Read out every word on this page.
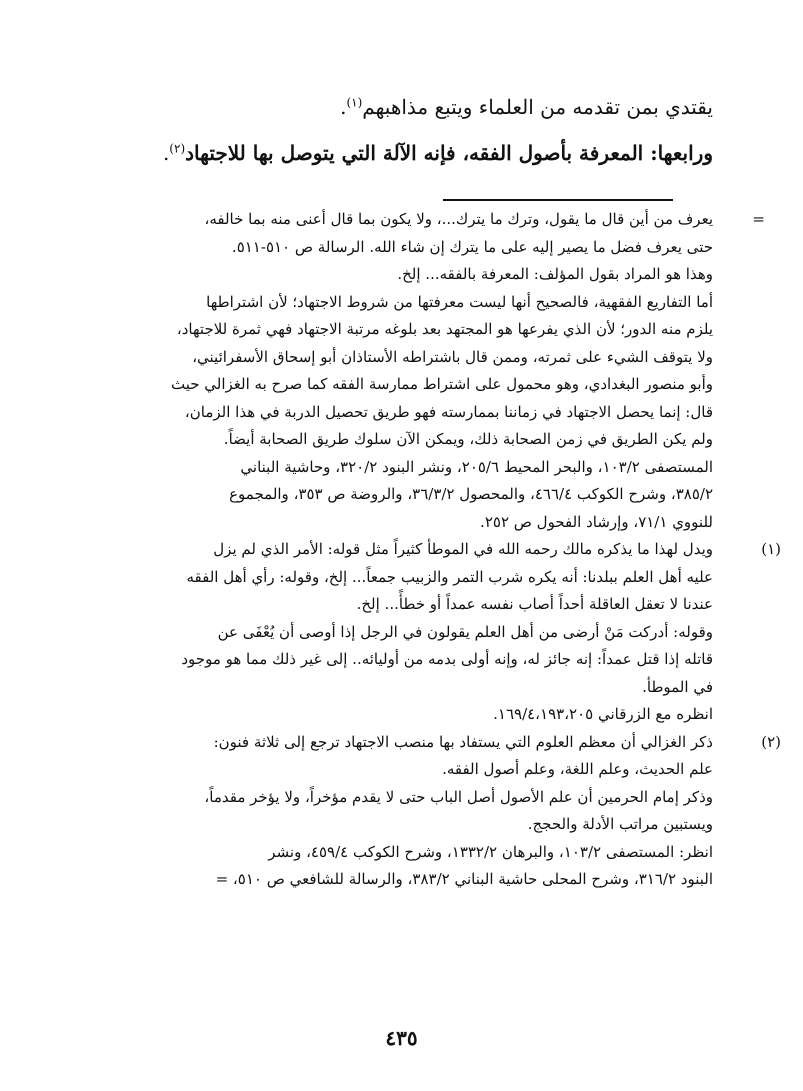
يقتدي بمن تقدمه من العلماء ويتبع مذاهبهم$^{(١)}$.
ورابعها: المعرفة بأصول الفقه، فإنه الآلة التي يتوصل بها للاجتهاد$^{(٢)}$.
=يعرف من أين قال ما يقول، وترك ما يترك...، ولا يكون بما قال أعنى منه بما خالفه،
حتى يعرف فضل ما يصير إليه على ما يترك إن شاء الله. الرسالة ص ٥١٠-٥١١.
وهذا هو المراد بقول المؤلف: المعرفة بالفقه... إلخ.
أما التفاريع الفقهية، فالصحيح أنها ليست معرفتها من شروط الاجتهاد؛ لأن اشتراطها
يلزم منه الدور؛ لأن الذي يفرعها هو المجتهد بعد بلوغه مرتبة الاجتهاد فهي ثمرة للاجتهاد،
ولا يتوقف الشيء على ثمرته، وممن قال باشتراطه الأستاذان أبو إسحاق الأسفرائيني،
وأبو منصور البغدادي، وهو محمول على اشتراط ممارسة الفقه كما صرح به الغزالي حيث
قال: إنما يحصل الاجتهاد في زماننا بممارسته فهو طريق تحصيل الدربة في هذا الزمان،
ولم يكن الطريق في زمن الصحابة ذلك، ويمكن الآن سلوك طريق الصحابة أيضاً.
المستصفى ١٠٣/٢، والبحر المحيط ٢٠٥/٦، ونشر البنود ٣٢٠/٢، وحاشية البناني
٣٨٥/٢، وشرح الكوكب ٤٦٦/٤، والمحصول ٣٦/٣/٢، والروضة ص ٣٥٣، والمجموع
للنووي ٧١/١، وإرشاد الفحول ص ٢٥٢.
(١)ويدل لهذا ما يذكره مالك رحمه الله في الموطأ كثيراً مثل قوله: الأمر الذي لم يزل
عليه أهل العلم ببلدنا: أنه يكره شرب التمر والزبيب جمعاً... إلخ، وقوله: رأي أهل الفقه
عندنا لا تعقل العاقلة أحداً أصاب نفسه عمداً أو خطأً... إلخ.
وقوله: أدركت مَنْ أرضى من أهل العلم يقولون في الرجل إذا أوصى أن يُعْفَى عن
قاتله إذا قتل عمداً: إنه جائز له، وإنه أولى بدمه من أوليائه.. إلى غير ذلك مما هو موجود
في الموطأ.
انظره مع الزرقاني ١٦٩/٤،١٩٣،٢٠٥.
(٢)ذكر الغزالي أن معظم العلوم التي يستفاد بها منصب الاجتهاد ترجع إلى ثلاثة فنون:
علم الحديث، وعلم اللغة، وعلم أصول الفقه.
وذكر إمام الحرمين أن علم الأصول أصل الباب حتى لا يقدم مؤخراً، ولا يؤخر مقدماً،
ويستبين مراتب الأدلة والحجج.
انظر: المستصفى ١٠٣/٢، والبرهان ١٣٣٢/٢، وشرح الكوكب ٤٥٩/٤، ونشر
البنود ٣١٦/٢، وشرح المحلى حاشية البناني ٣٨٣/٢، والرسالة للشافعي ص ٥١٠، =
٤٣٥
